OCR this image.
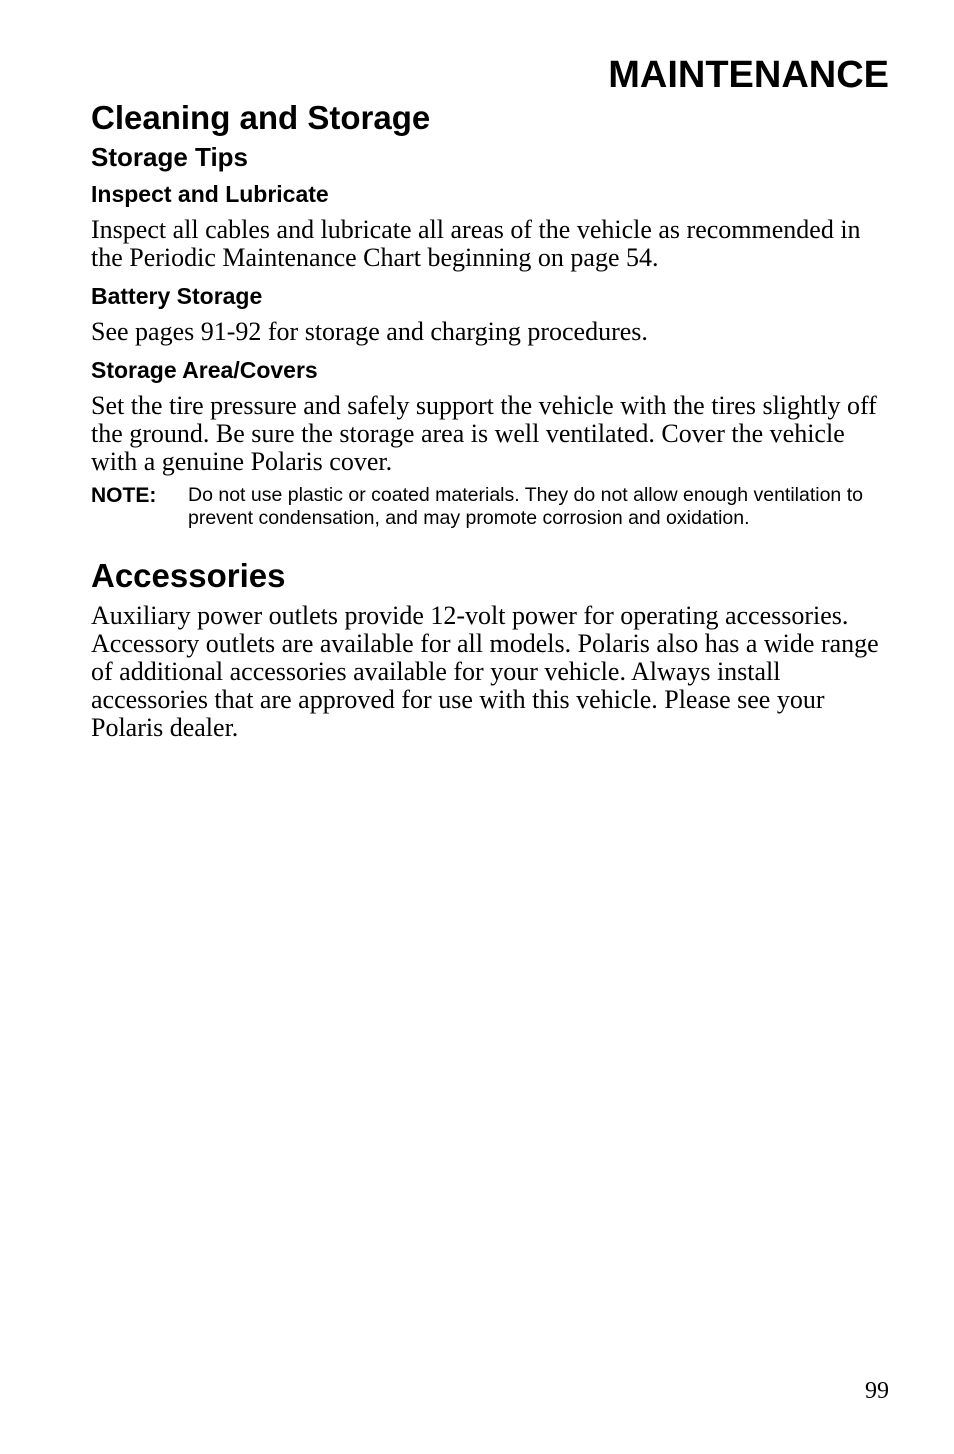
MAINTENANCE
Cleaning and Storage
Storage Tips
Inspect and Lubricate

Inspect all cables and lubricate all areas of the vehicle as recommended in the Periodic Maintenance Chart beginning on page 54.

Battery Storage

See pages 91-92 for storage and charging procedures.

Storage Area/Covers

Set the tire pressure and safely support the vehicle with the tires slightly off the ground. Be sure the storage area is well ventilated. Cover the vehicle with a genuine Polaris cover.

NOTE:	Do not use plastic or coated materials. They do not allow enough ventilation to prevent condensation, and may promote corrosion and oxidation.
Accessories

Auxiliary power outlets provide 12-volt power for operating accessories. Accessory outlets are available for all models. Polaris also has a wide range of additional accessories available for your vehicle. Always install accessories that are approved for use with this vehicle. Please see your Polaris dealer.

99
